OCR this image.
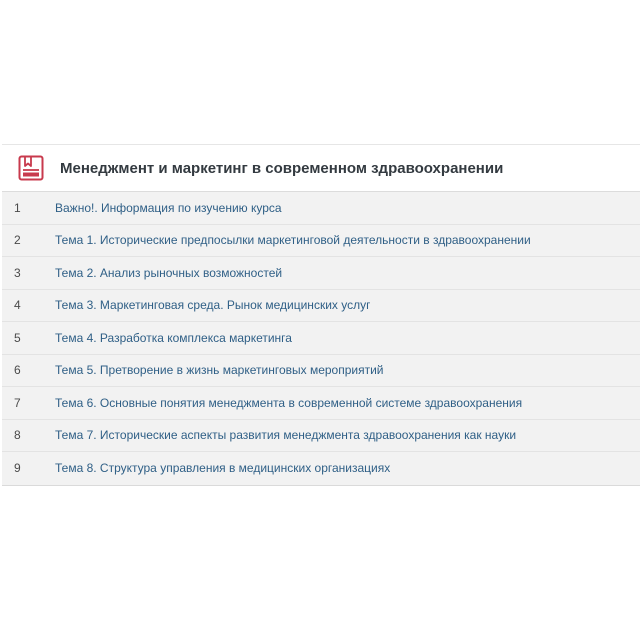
Менеджмент и маркетинг в современном здравоохранении
1	Важно!. Информация по изучению курса
2	Тема 1. Исторические предпосылки маркетинговой деятельности в здравоохранении
3	Тема 2. Анализ рыночных возможностей
4	Тема 3. Маркетинговая среда. Рынок медицинских услуг
5	Тема 4. Разработка комплекса маркетинга
6	Тема 5. Претворение в жизнь маркетинговых мероприятий
7	Тема 6. Основные понятия менеджмента в современной системе здравоохранения
8	Тема 7. Исторические аспекты развития менеджмента здравоохранения как науки
9	Тема 8. Структура управления в медицинских организациях
